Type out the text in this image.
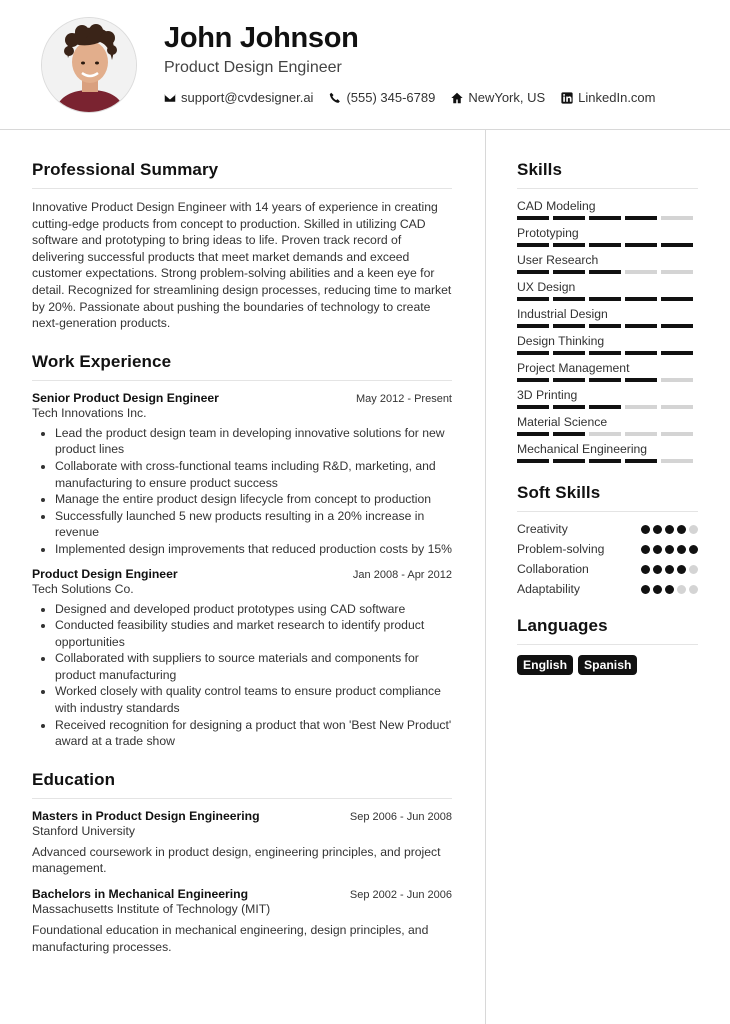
John Johnson
Product Design Engineer
support@cvdesigner.ai	(555) 345-6789	NewYork, US	LinkedIn.com
Professional Summary
Innovative Product Design Engineer with 14 years of experience in creating cutting-edge products from concept to production. Skilled in utilizing CAD software and prototyping to bring ideas to life. Proven track record of delivering successful products that meet market demands and exceed customer expectations. Strong problem-solving abilities and a keen eye for detail. Recognized for streamlining design processes, reducing time to market by 20%. Passionate about pushing the boundaries of technology to create next-generation products.
Work Experience
Senior Product Design Engineer	May 2012 - Present
Tech Innovations Inc.
• Lead the product design team in developing innovative solutions for new product lines
• Collaborate with cross-functional teams including R&D, marketing, and manufacturing to ensure product success
• Manage the entire product design lifecycle from concept to production
• Successfully launched 5 new products resulting in a 20% increase in revenue
• Implemented design improvements that reduced production costs by 15%
Product Design Engineer	Jan 2008 - Apr 2012
Tech Solutions Co.
• Designed and developed product prototypes using CAD software
• Conducted feasibility studies and market research to identify product opportunities
• Collaborated with suppliers to source materials and components for product manufacturing
• Worked closely with quality control teams to ensure product compliance with industry standards
• Received recognition for designing a product that won 'Best New Product' award at a trade show
Education
Masters in Product Design Engineering	Sep 2006 - Jun 2008
Stanford University
Advanced coursework in product design, engineering principles, and project management.
Bachelors in Mechanical Engineering	Sep 2002 - Jun 2006
Massachusetts Institute of Technology (MIT)
Foundational education in mechanical engineering, design principles, and manufacturing processes.
Skills
CAD Modeling
Prototyping
User Research
UX Design
Industrial Design
Design Thinking
Project Management
3D Printing
Material Science
Mechanical Engineering
Soft Skills
Creativity
Problem-solving
Collaboration
Adaptability
Languages
English	Spanish
